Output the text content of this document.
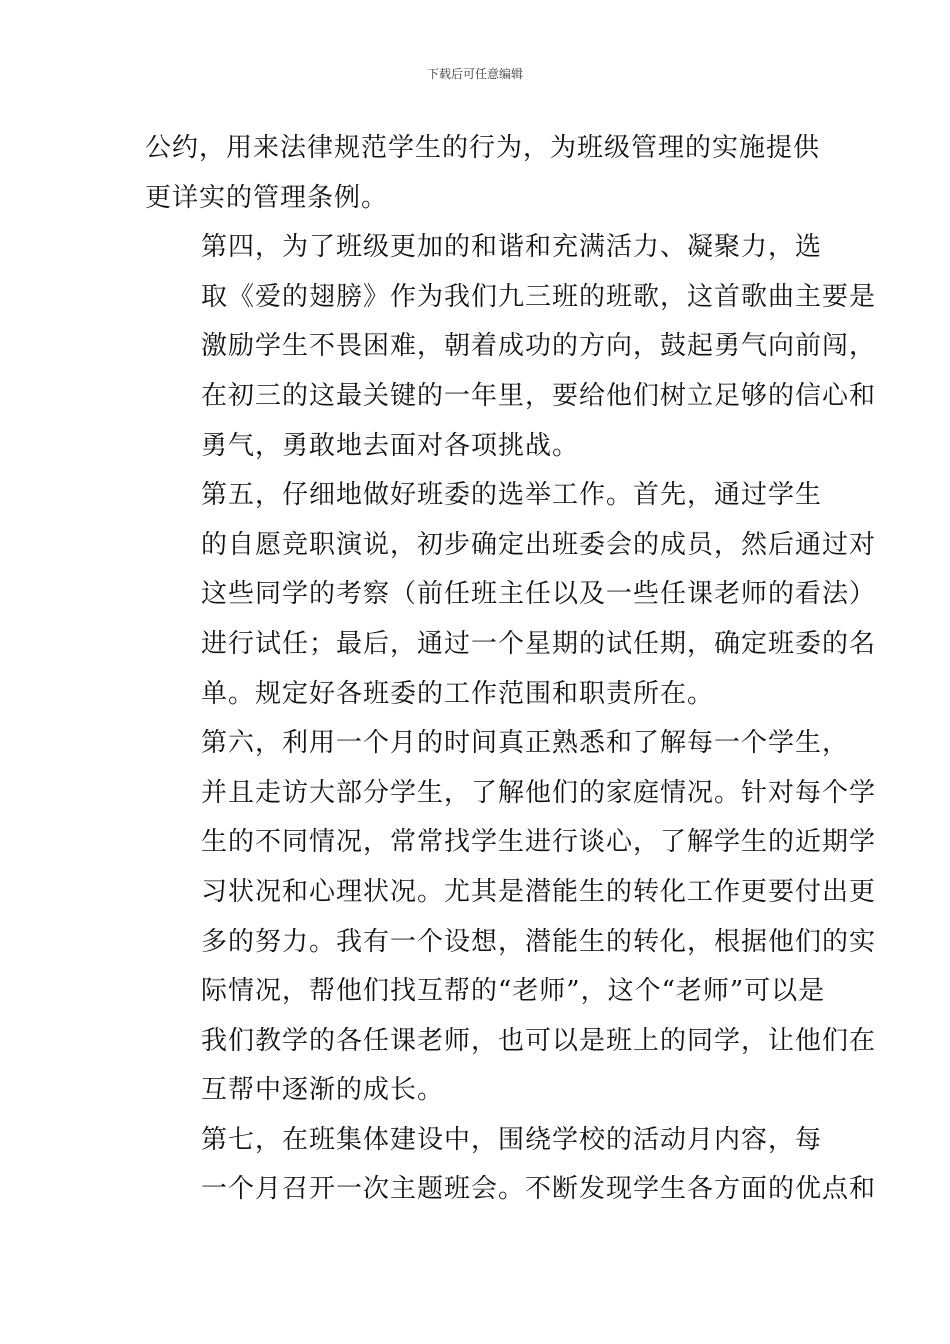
下载后可任意编辑

公约，用来法律规范学生的行为，为班级管理的实施提供
更详实的管理条例。

第四，为了班级更加的和谐和充满活力、凝聚力，选
取《爱的翅膀》作为我们九三班的班歌，这首歌曲主要是
激励学生不畏困难，朝着成功的方向，鼓起勇气向前闯，
在初三的这最关键的一年里，要给他们树立足够的信心和
勇气，勇敢地去面对各项挑战。

第五，仔细地做好班委的选举工作。首先，通过学生
的自愿竞职演说，初步确定出班委会的成员，然后通过对
这些同学的考察（前任班主任以及一些任课老师的看法）
进行试任；最后，通过一个星期的试任期，确定班委的名
单。规定好各班委的工作范围和职责所在。

第六，利用一个月的时间真正熟悉和了解每一个学生，
并且走访大部分学生，了解他们的家庭情况。针对每个学
生的不同情况，常常找学生进行谈心，了解学生的近期学
习状况和心理状况。尤其是潜能生的转化工作更要付出更
多的努力。我有一个设想，潜能生的转化，根据他们的实
际情况，帮他们找互帮的“老师”，这个“老师”可以是
我们教学的各任课老师，也可以是班上的同学，让他们在
互帮中逐渐的成长。

第七，在班集体建设中，围绕学校的活动月内容，每
一个月召开一次主题班会。不断发现学生各方面的优点和
